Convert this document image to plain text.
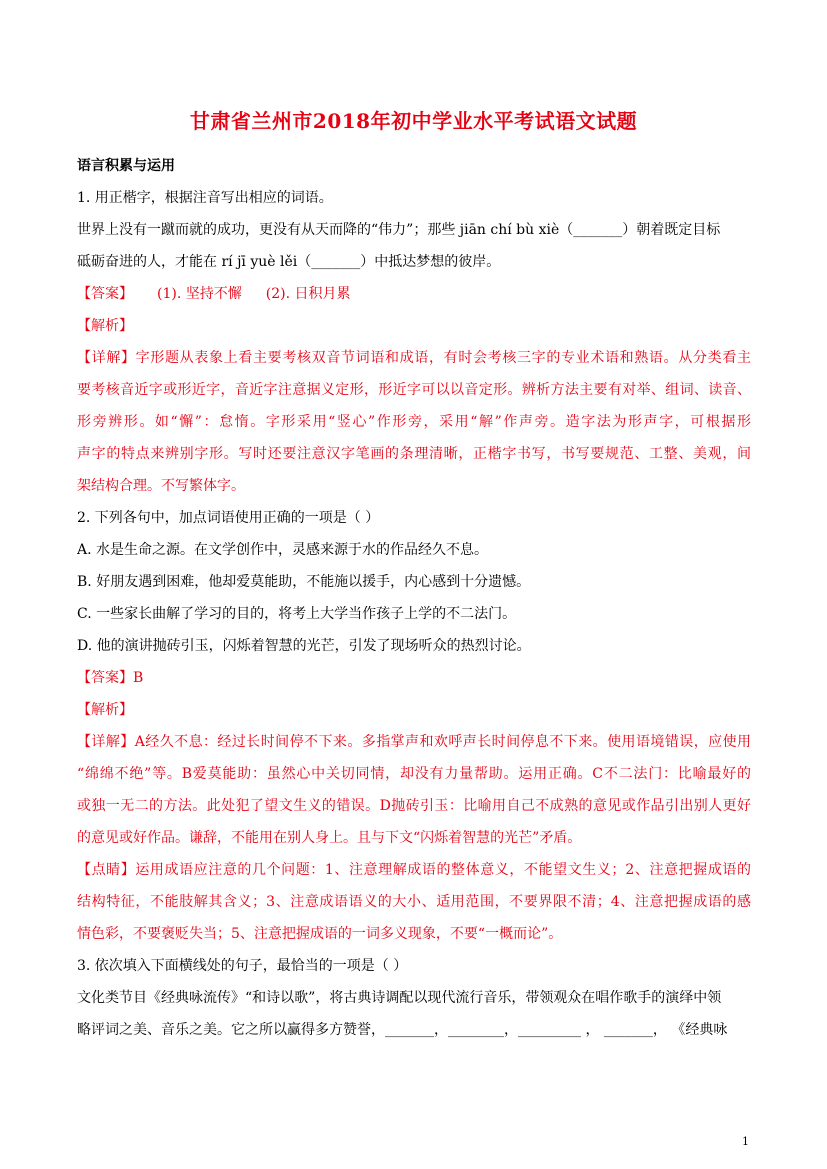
甘肃省兰州市2018年初中学业水平考试语文试题
语言积累与运用
1. 用正楷字，根据注音写出相应的词语。
世界上没有一蹴而就的成功，更没有从天而降的“伟力”；那些 jiān chí bù xiè（_______）朝着既定目标
砥砺奋进的人，才能在 rí jī yuè lěi（_______）中抵达梦想的彼岸。
【答案】 (1). 坚持不懈 (2). 日积月累
【解析】
【详解】字形题从表象上看主要考核双音节词语和成语，有时会考核三字的专业术语和熟语。从分类看主
要考核音近字或形近字，音近字注意据义定形，形近字可以以音定形。辨析方法主要有对举、组词、读音、
形旁辨形。如“懈”：怠惰。字形采用“竖心”作形旁，采用“解”作声旁。造字法为形声字，可根据形
声字的特点来辨别字形。写时还要注意汉字笔画的条理清晰，正楷字书写，书写要规范、工整、美观，间
架结构合理。不写繁体字。
2. 下列各句中，加点词语使用正确的一项是（ ）
A. 水是生命之源。在文学创作中，灵感来源于水的作品经久不息。
B. 好朋友遇到困难，他却爱莫能助，不能施以援手，内心感到十分遗憾。
C. 一些家长曲解了学习的目的，将考上大学当作孩子上学的不二法门。
D. 他的演讲抛砖引玉，闪烁着智慧的光芒，引发了现场听众的热烈讨论。
【答案】B
【解析】
【详解】A经久不息：经过长时间停不下来。多指掌声和欢呼声长时间停息不下来。使用语境错误，应使用
“绵绵不绝”等。B爱莫能助：虽然心中关切同情，却没有力量帮助。运用正确。C不二法门：比喻最好的
或独一无二的方法。此处犯了望文生义的错误。D抛砖引玉：比喻用自己不成熟的意见或作品引出别人更好
的意见或好作品。谦辞，不能用在别人身上。且与下文“闪烁着智慧的光芒”矛盾。
【点睛】运用成语应注意的几个问题：1、注意理解成语的整体意义，不能望文生义；2、注意把握成语的
结构特征，不能肢解其含义；3、注意成语语义的大小、适用范围，不要界限不清；4、注意把握成语的感
情色彩，不要褒贬失当；5、注意把握成语的一词多义现象，不要“一概而论”。
3. 依次填入下面横线处的句子，最恰当的一项是（ ）
文化类节目《经典咏流传》“和诗以歌”，将古典诗调配以现代流行音乐，带领观众在唱作歌手的演绎中领
略评词之美、音乐之美。它之所以赢得多方赞誉，_______，________，_________ ， _______， 《经典咏
1
